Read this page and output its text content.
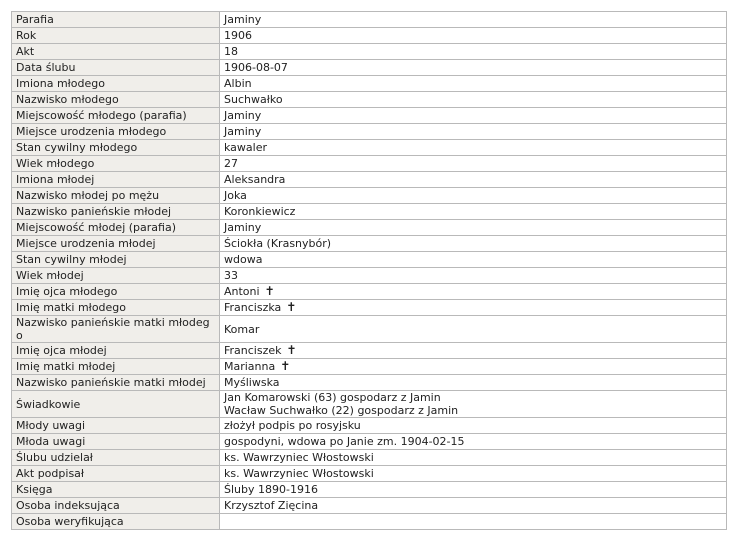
Parafia	Jaminy

Rok	1906

Akt	18

Data ślubu	1906-08-07

Imiona młodego	Albin

Nazwisko młodego	Suchwałko

Miejscowość młodego (parafia)	Jaminy

Miejsce urodzenia młodego	Jaminy

Stan cywilny młodego	kawaler

Wiek młodego	27

Imiona młodej	Aleksandra

Nazwisko młodej po mężu	Joka

Nazwisko panieńskie młodej	Koronkiewicz

Miejscowość młodej (parafia)	Jaminy

Miejsce urodzenia młodej	Ściokła (Krasnybór)

Stan cywilny młodej	wdowa

Wiek młodej	33

Imię ojca młodego	Antoni ✝
Imię matki młodego	Franciszka ✝
Nazwisko panieńskie matki młodego	Komar

Imię ojca młodej	Franciszek ✝
Imię matki młodej	Marianna ✝
Nazwisko panieńskie matki młodej	Myśliwska

Świadkowie	Jan Komarowski (63) gospodarz z Jamin
Wacław Suchwałko (22) gospodarz z Jamin

Młody uwagi	złożył podpis po rosyjsku

Młoda uwagi	gospodyni, wdowa po Janie zm. 1904-02-15

Ślubu udzielał	ks. Wawrzyniec Włostowski

Akt podpisał	ks. Wawrzyniec Włostowski

Księga	Śluby 1890-1916

Osoba indeksująca	Krzysztof Zięcina

Osoba weryfikująca	
